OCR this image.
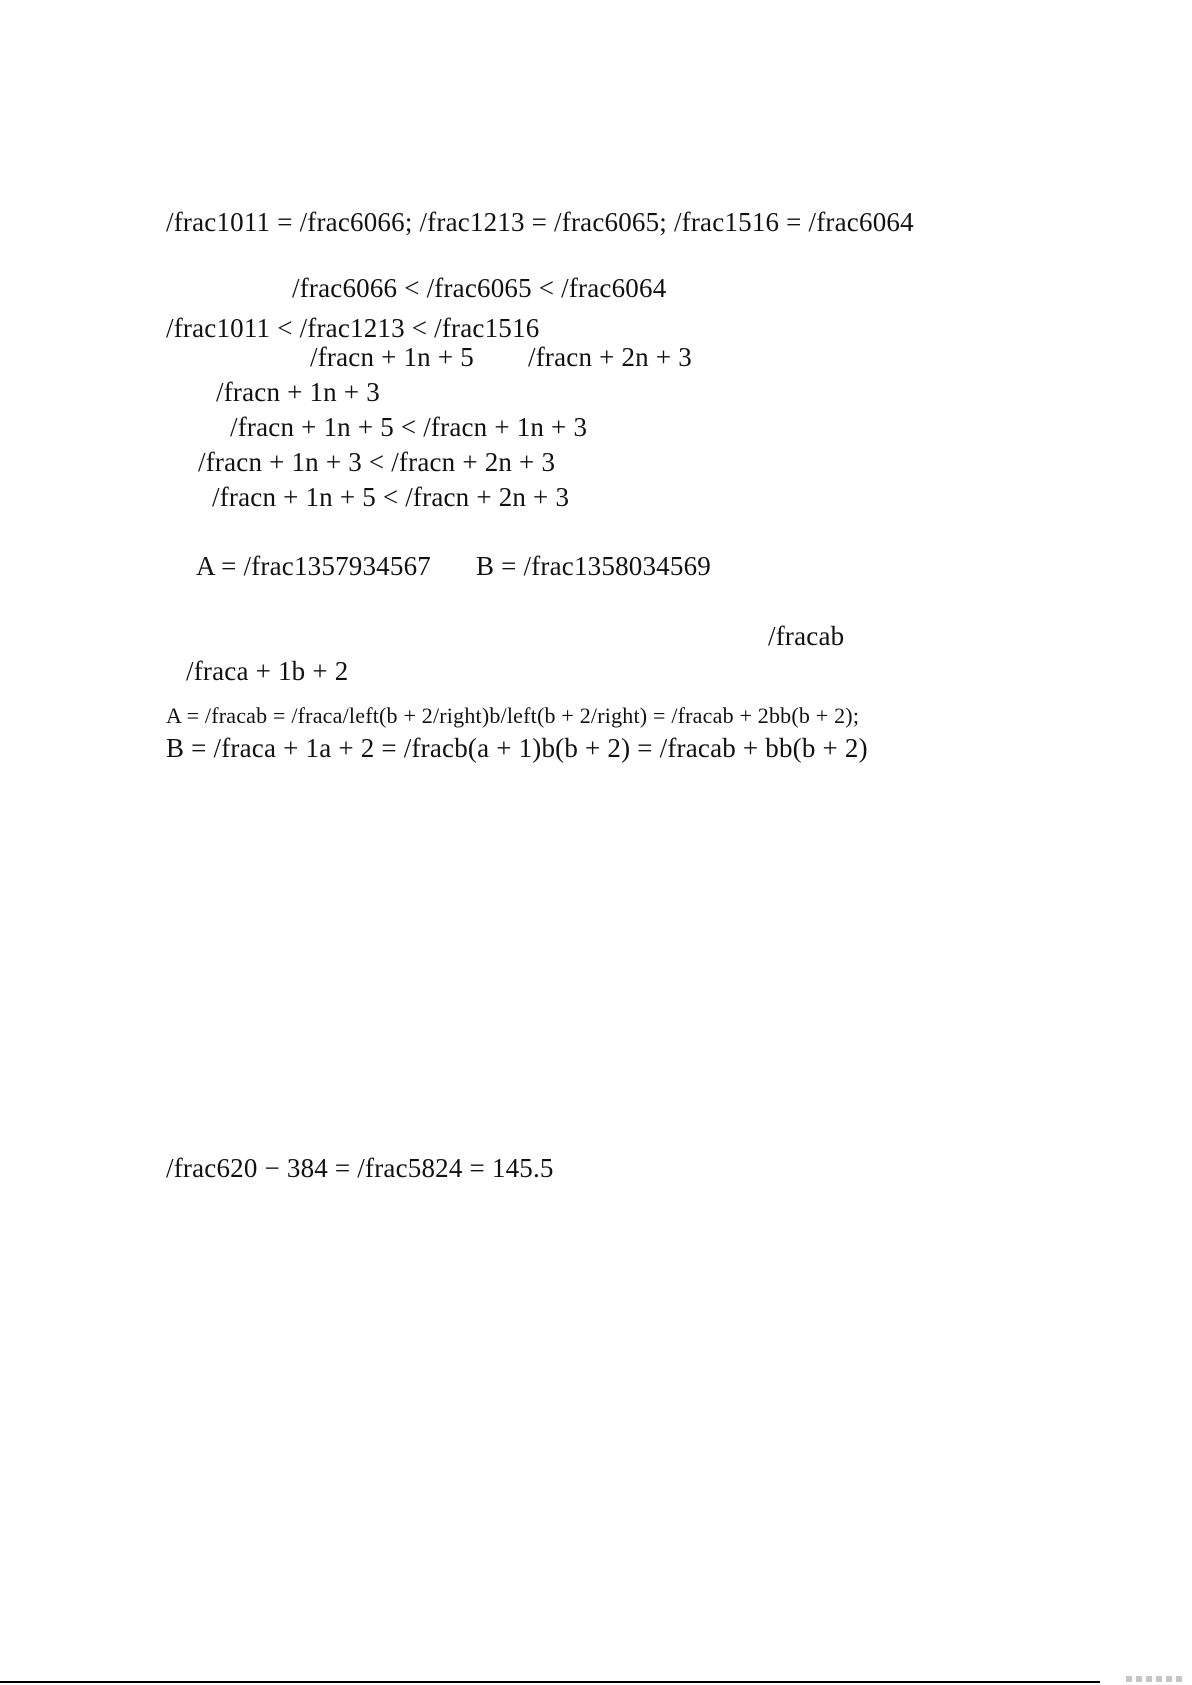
/frac1011 = /frac6066; /frac1213 = /frac6065; /frac1516 = /frac6064
/frac6066 < /frac6065 < /frac6064
/frac1011 < /frac1213 < /frac1516
/fracn + 1n + 5 /fracn + 2n + 3
/fracn + 1n + 3
/fracn + 1n + 5 < /fracn + 1n + 3
/fracn + 1n + 3 < /fracn + 2n + 3
/fracn + 1n + 5 < /fracn + 2n + 3
A = /frac1357934567 B = /frac1358034569
/fracab
/fraca + 1b + 2
A = /fracab = /fraca/left(b + 2/right)b/left(b + 2/right) = /fracab + 2bb(b + 2);
B = /fraca + 1a + 2 = /fracb(a + 1)b(b + 2) = /fracab + bb(b + 2)
/frac620 − 384 = /frac5824 = 145.5
